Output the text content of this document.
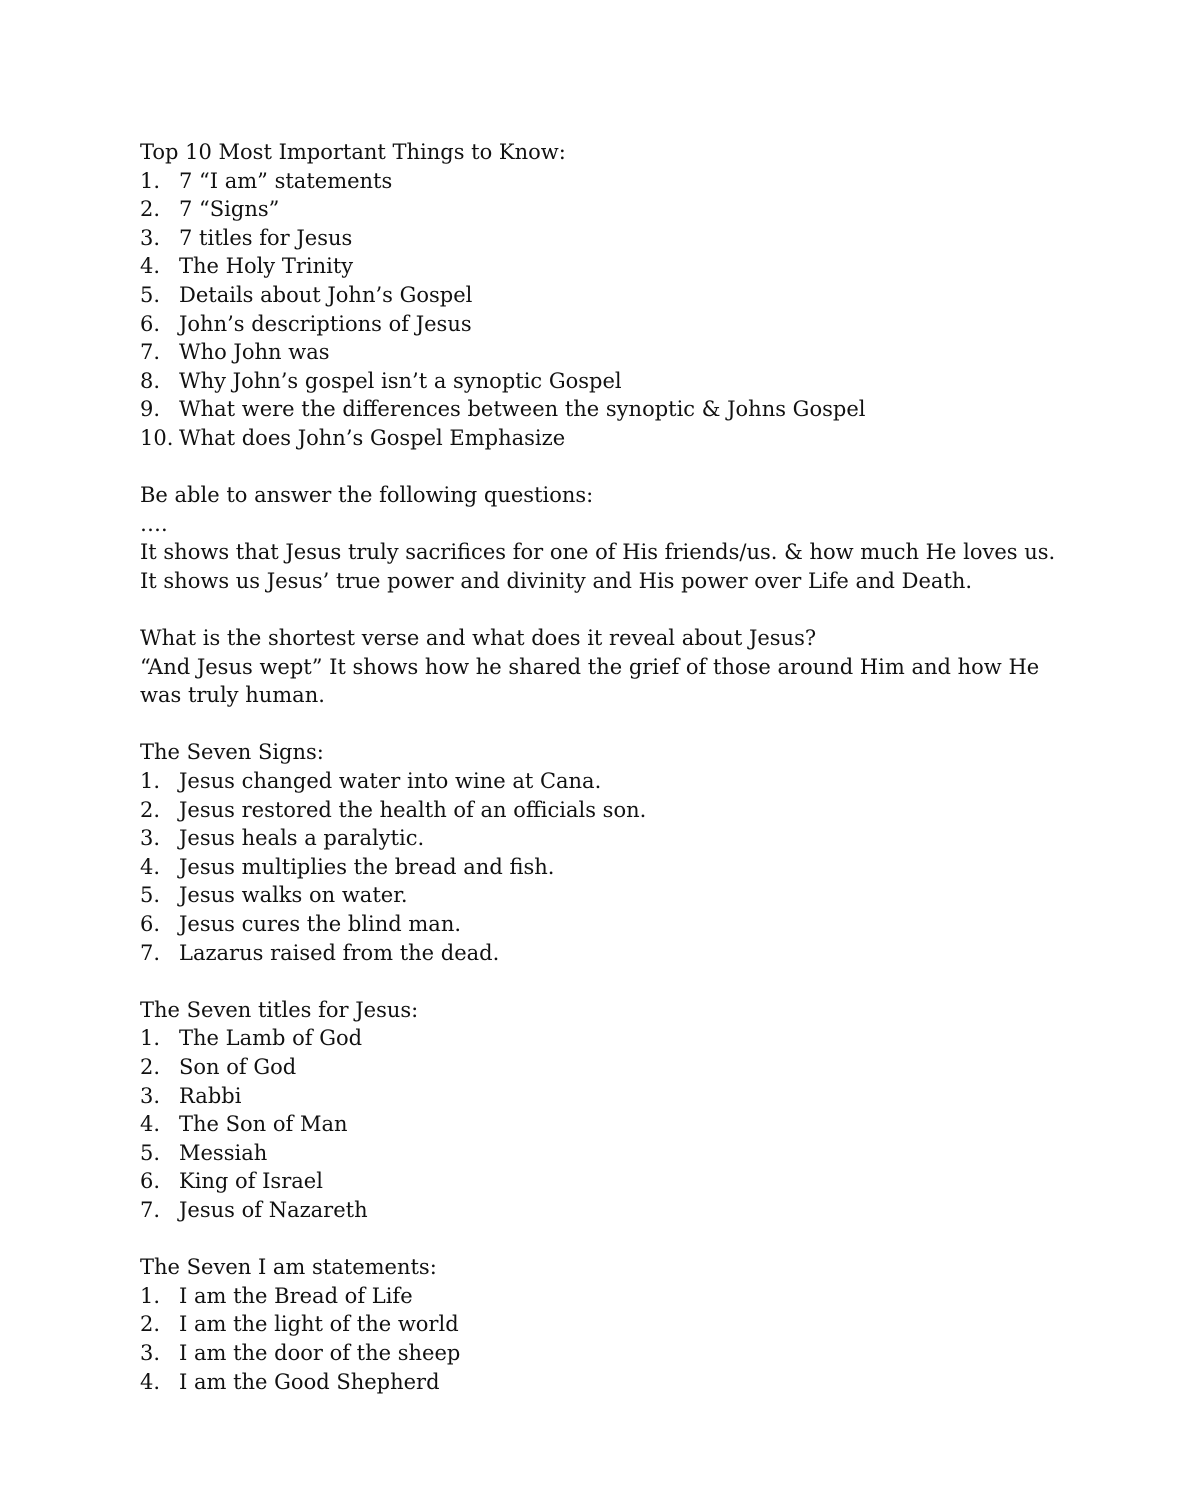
Top 10 Most Important Things to Know:

1. 7 “I am” statements
2. 7 “Signs”
3. 7 titles for Jesus
4. The Holy Trinity
5. Details about John’s Gospel
6. John’s descriptions of Jesus
7. Who John was
8. Why John’s gospel isn’t a synoptic Gospel
9. What were the differences between the synoptic & Johns Gospel
10. What does John’s Gospel Emphasize

Be able to answer the following questions:

….

It shows that Jesus truly sacrifices for one of His friends/us. & how much He loves us. It shows us Jesus’ true power and divinity and His power over Life and Death.

What is the shortest verse and what does it reveal about Jesus?

“And Jesus wept” It shows how he shared the grief of those around Him and how He was truly human.

The Seven Signs:

1. Jesus changed water into wine at Cana.
2. Jesus restored the health of an officials son.
3. Jesus heals a paralytic.
4. Jesus multiplies the bread and fish.
5. Jesus walks on water.
6. Jesus cures the blind man.
7. Lazarus raised from the dead.

The Seven titles for Jesus:

1. The Lamb of God
2. Son of God
3. Rabbi
4. The Son of Man
5. Messiah
6. King of Israel
7. Jesus of Nazareth

The Seven I am statements:

1. I am the Bread of Life
2. I am the light of the world
3. I am the door of the sheep
4. I am the Good Shepherd
